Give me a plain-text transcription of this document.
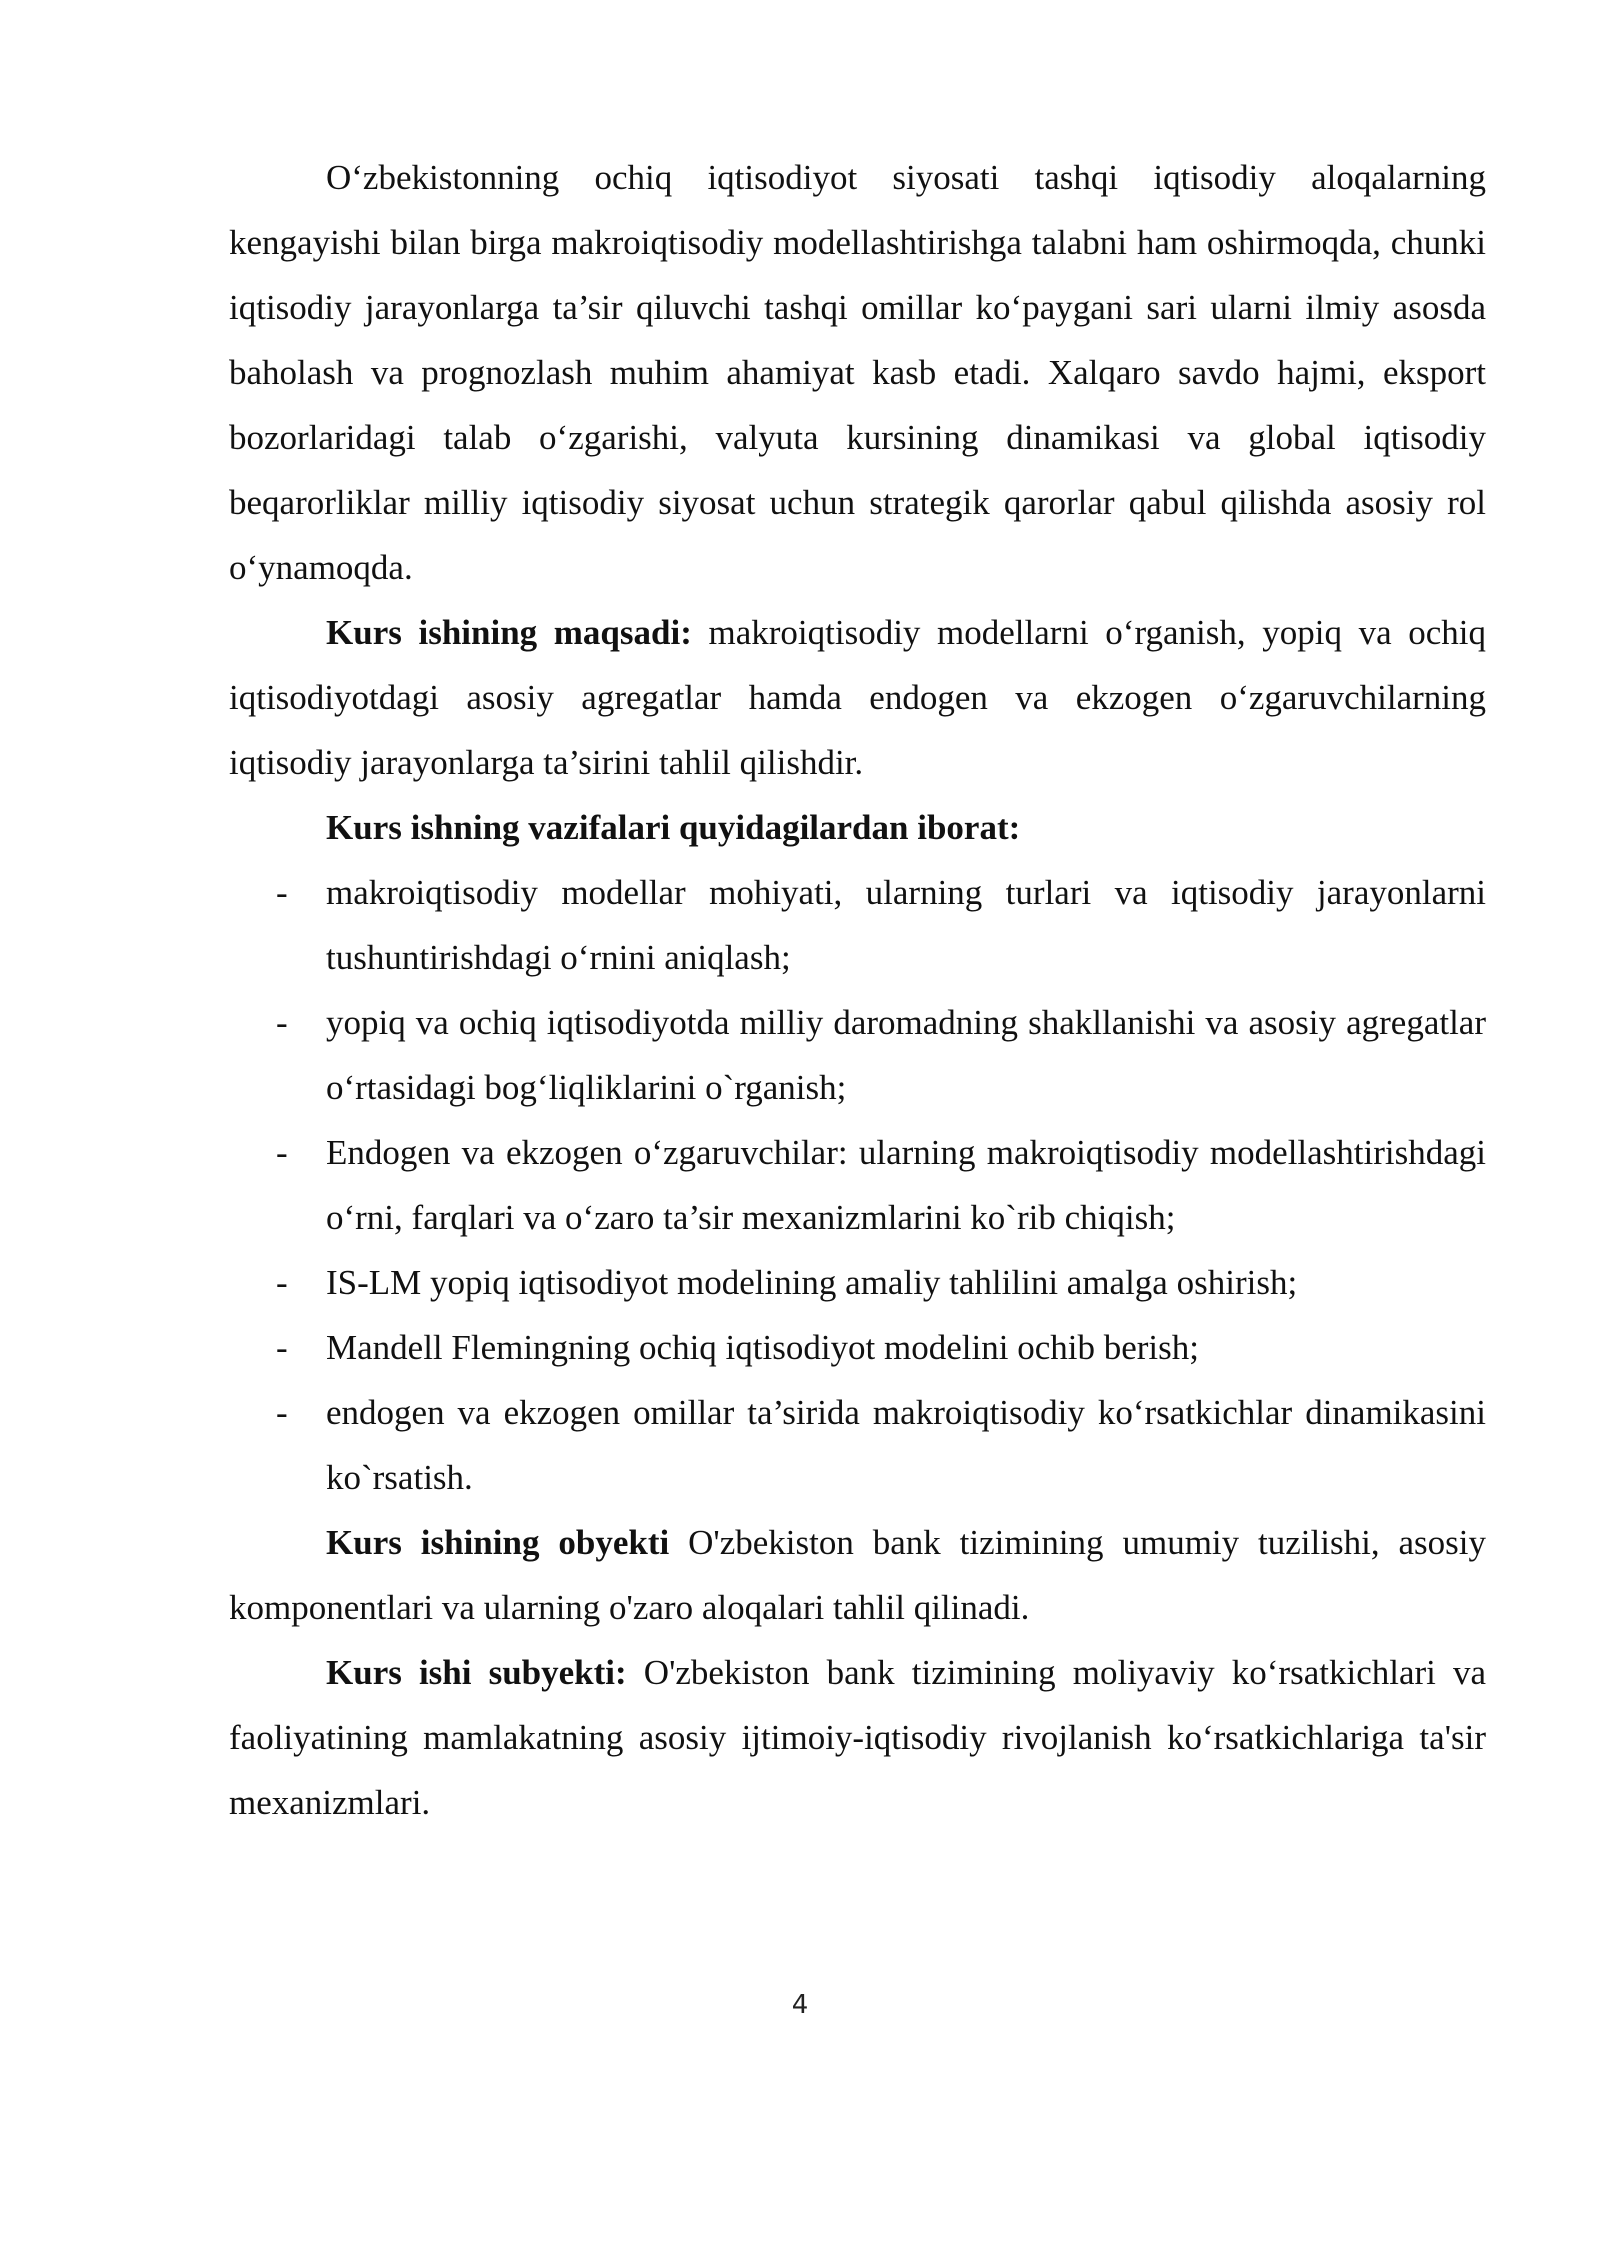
O‘zbekistonning ochiq iqtisodiyot siyosati tashqi iqtisodiy aloqalarning kengayishi bilan birga makroiqtisodiy modellashtirishga talabni ham oshirmoqda, chunki iqtisodiy jarayonlarga ta’sir qiluvchi tashqi omillar ko‘paygani sari ularni ilmiy asosda baholash va prognozlash muhim ahamiyat kasb etadi. Xalqaro savdo hajmi, eksport bozorlaridagi talab o‘zgarishi, valyuta kursining dinamikasi va global iqtisodiy beqarorliklar milliy iqtisodiy siyosat uchun strategik qarorlar qabul qilishda asosiy rol o‘ynamoqda.

Kurs ishining maqsadi: makroiqtisodiy modellarni o‘rganish, yopiq va ochiq iqtisodiyotdagi asosiy agregatlar hamda endogen va ekzogen o‘zgaruvchilarning iqtisodiy jarayonlarga ta’sirini tahlil qilishdir.

Kurs ishning vazifalari quyidagilardan iborat:

- makroiqtisodiy modellar mohiyati, ularning turlari va iqtisodiy jarayonlarni tushuntirishdagi o‘rnini aniqlash;
- yopiq va ochiq iqtisodiyotda milliy daromadning shakllanishi va asosiy agregatlar o‘rtasidagi bog‘liqliklarini o`rganish;
- Endogen va ekzogen o‘zgaruvchilar: ularning makroiqtisodiy modellashtirishdagi o‘rni, farqlari va o‘zaro ta’sir mexanizmlarini ko`rib chiqish;
- IS-LM yopiq iqtisodiyot modelining amaliy tahlilini amalga oshirish;
- Mandell Flemingning ochiq iqtisodiyot modelini ochib berish;
- endogen va ekzogen omillar ta’sirida makroiqtisodiy ko‘rsatkichlar dinamikasini ko`rsatish.

Kurs ishining obyekti O'zbekiston bank tizimining umumiy tuzilishi, asosiy komponentlari va ularning o'zaro aloqalari tahlil qilinadi.

Kurs ishi subyekti: O'zbekiston bank tizimining moliyaviy ko‘rsatkichlari va faoliyatining mamlakatning asosiy ijtimoiy-iqtisodiy rivojlanish ko‘rsatkichlariga ta'sir mexanizmlari.

4
